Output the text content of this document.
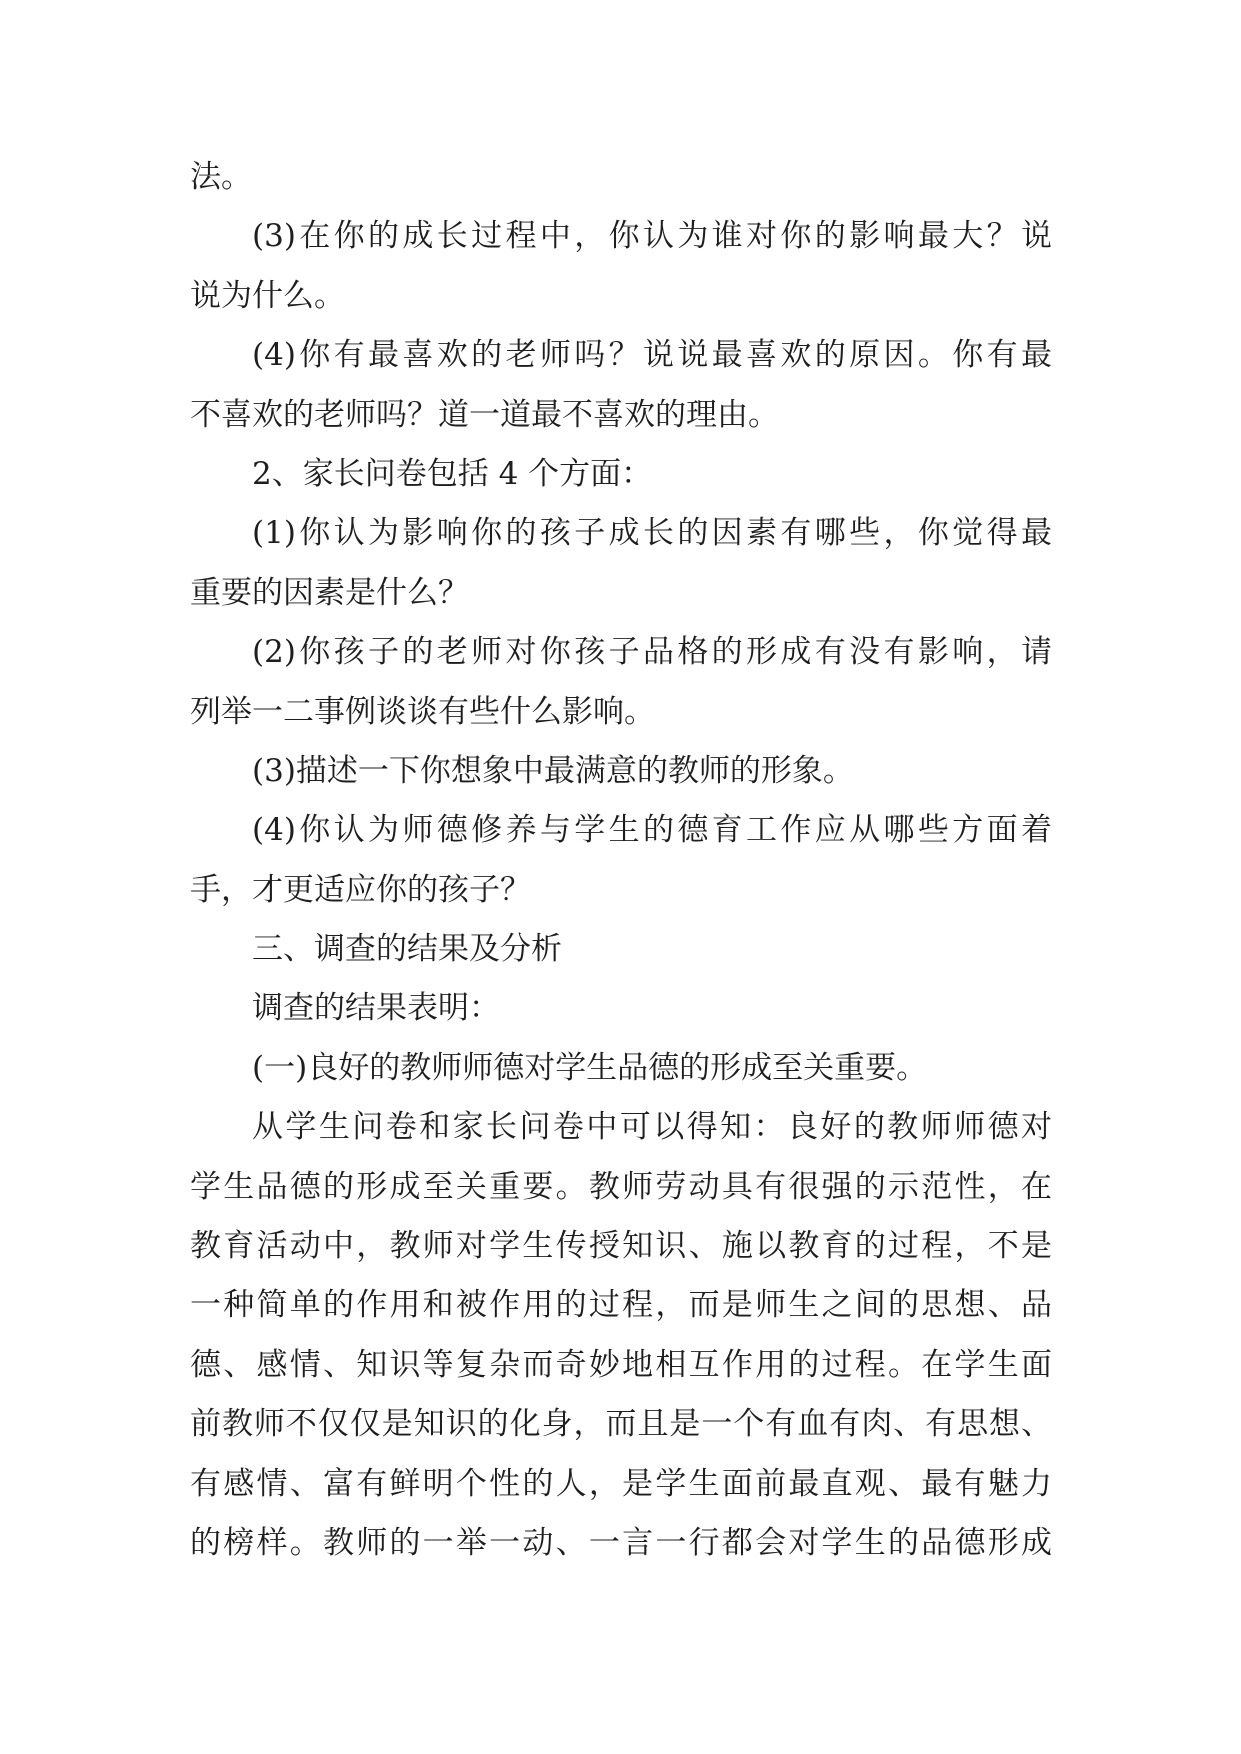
法。
(3)在你的成长过程中，你认为谁对你的影响最大？说
说为什么。
(4)你有最喜欢的老师吗？说说最喜欢的原因。你有最
不喜欢的老师吗？道一道最不喜欢的理由。
2、家长问卷包括 4 个方面：
(1)你认为影响你的孩子成长的因素有哪些，你觉得最
重要的因素是什么？
(2)你孩子的老师对你孩子品格的形成有没有影响，请
列举一二事例谈谈有些什么影响。
(3)描述一下你想象中最满意的教师的形象。
(4)你认为师德修养与学生的德育工作应从哪些方面着
手，才更适应你的孩子？
三、调查的结果及分析
调查的结果表明：
(一)良好的教师师德对学生品德的形成至关重要。
从学生问卷和家长问卷中可以得知：良好的教师师德对
学生品德的形成至关重要。教师劳动具有很强的示范性，在
教育活动中，教师对学生传授知识、施以教育的过程，不是
一种简单的作用和被作用的过程，而是师生之间的思想、品
德、感情、知识等复杂而奇妙地相互作用的过程。在学生面
前教师不仅仅是知识的化身，而且是一个有血有肉、有思想、
有感情、富有鲜明个性的人，是学生面前最直观、最有魅力
的榜样。教师的一举一动、一言一行都会对学生的品德形成
